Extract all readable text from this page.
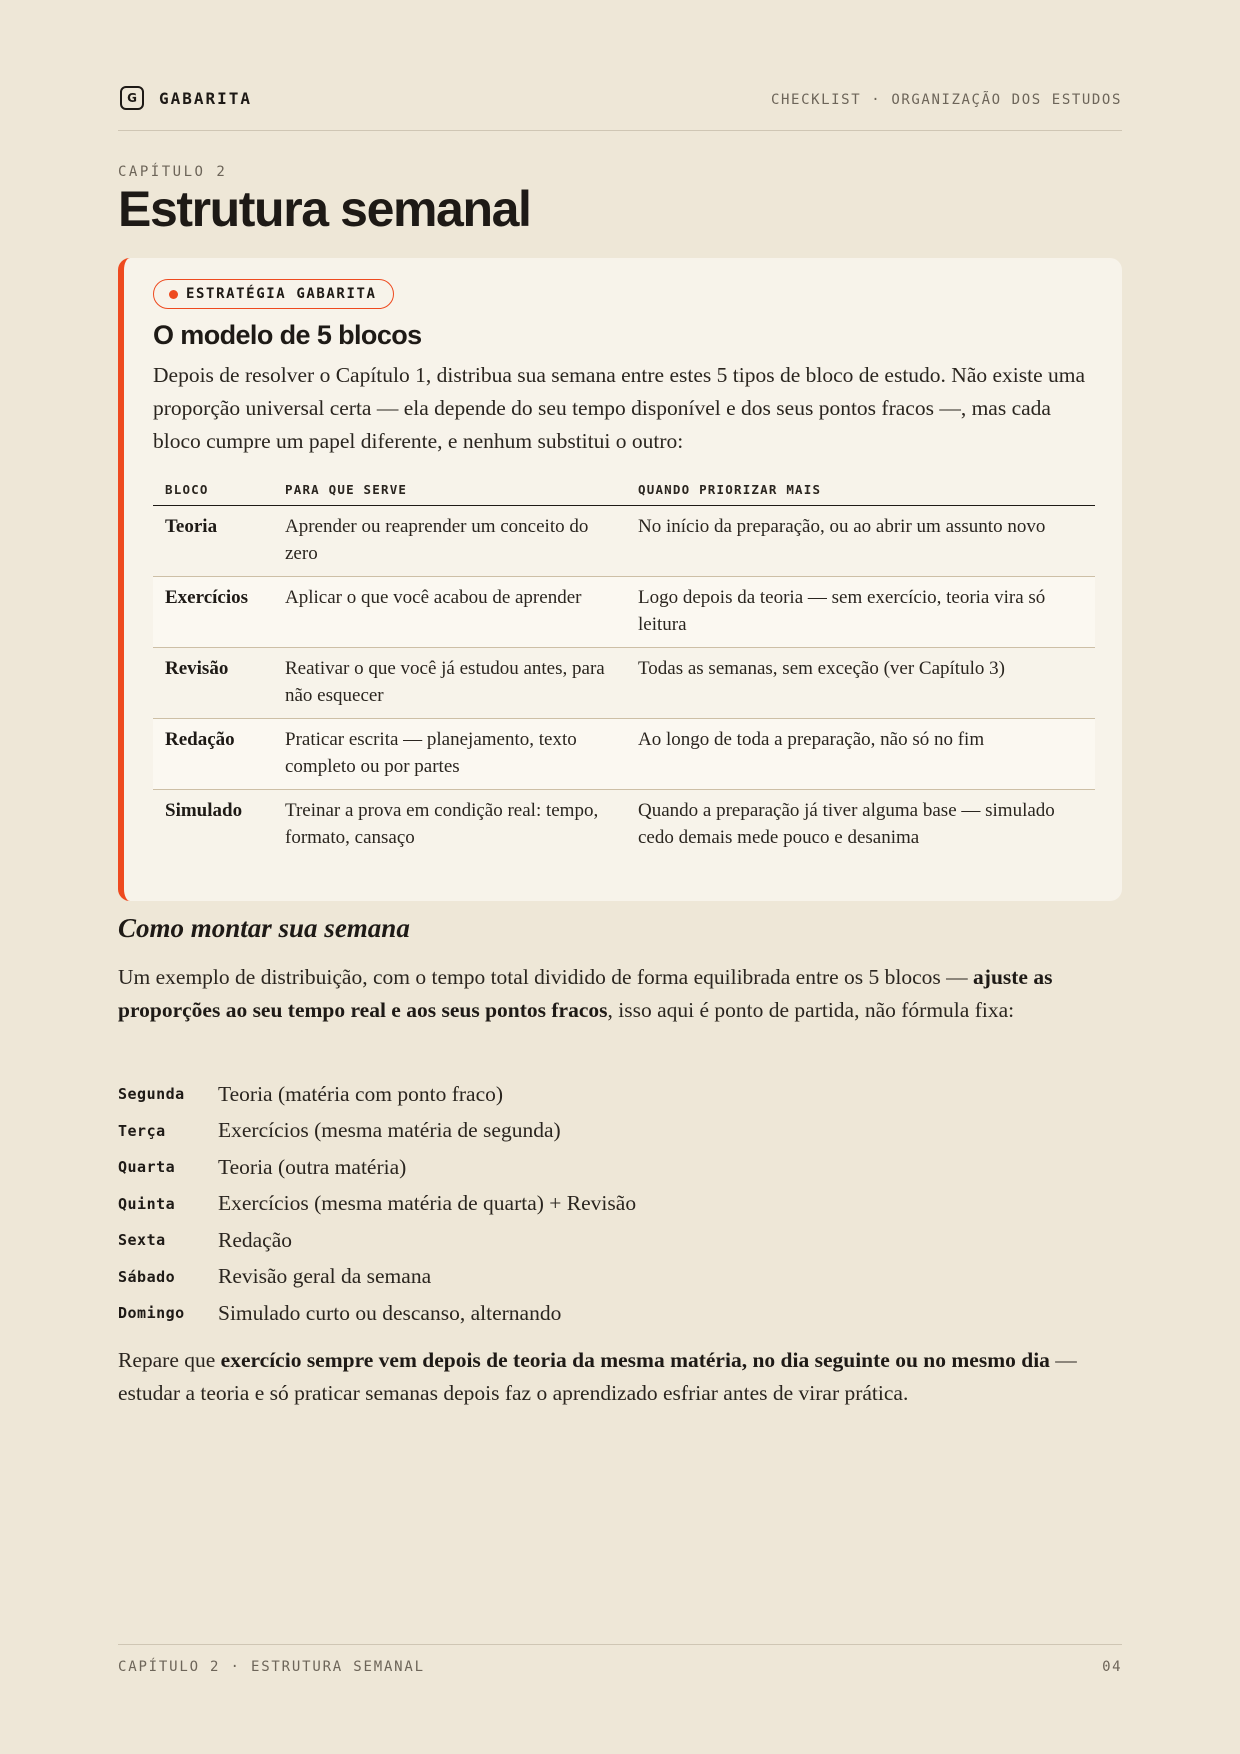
G	GABARITA	CHECKLIST · ORGANIZAÇÃO DOS ESTUDOS
CAPÍTULO 2
Estrutura semanal
ESTRATÉGIA GABARITA
O modelo de 5 blocos

Depois de resolver o Capítulo 1, distribua sua semana entre estes 5 tipos de bloco de estudo. Não existe uma proporção universal certa — ela depende do seu tempo disponível e dos seus pontos fracos —, mas cada bloco cumpre um papel diferente, e nenhum substitui o outro:

BLOCO	PARA QUE SERVE	QUANDO PRIORIZAR MAIS
Teoria	Aprender ou reaprender um conceito do zero	No início da preparação, ou ao abrir um assunto novo
Exercícios	Aplicar o que você acabou de aprender	Logo depois da teoria — sem exercício, teoria vira só leitura
Revisão	Reativar o que você já estudou antes, para não esquecer	Todas as semanas, sem exceção (ver Capítulo 3)
Redação	Praticar escrita — planejamento, texto completo ou por partes	Ao longo de toda a preparação, não só no fim
Simulado	Treinar a prova em condição real: tempo, formato, cansaço	Quando a preparação já tiver alguma base — simulado cedo demais mede pouco e desanima
Como montar sua semana

Um exemplo de distribuição, com o tempo total dividido de forma equilibrada entre os 5 blocos — ajuste as proporções ao seu tempo real e aos seus pontos fracos, isso aqui é ponto de partida, não fórmula fixa:

Segunda	Teoria (matéria com ponto fraco)
Terça	Exercícios (mesma matéria de segunda)
Quarta	Teoria (outra matéria)
Quinta	Exercícios (mesma matéria de quarta) + Revisão
Sexta	Redação
Sábado	Revisão geral da semana
Domingo	Simulado curto ou descanso, alternando

Repare que exercício sempre vem depois de teoria da mesma matéria, no dia seguinte ou no mesmo dia — estudar a teoria e só praticar semanas depois faz o aprendizado esfriar antes de virar prática.

CAPÍTULO 2 · ESTRUTURA SEMANAL	04
